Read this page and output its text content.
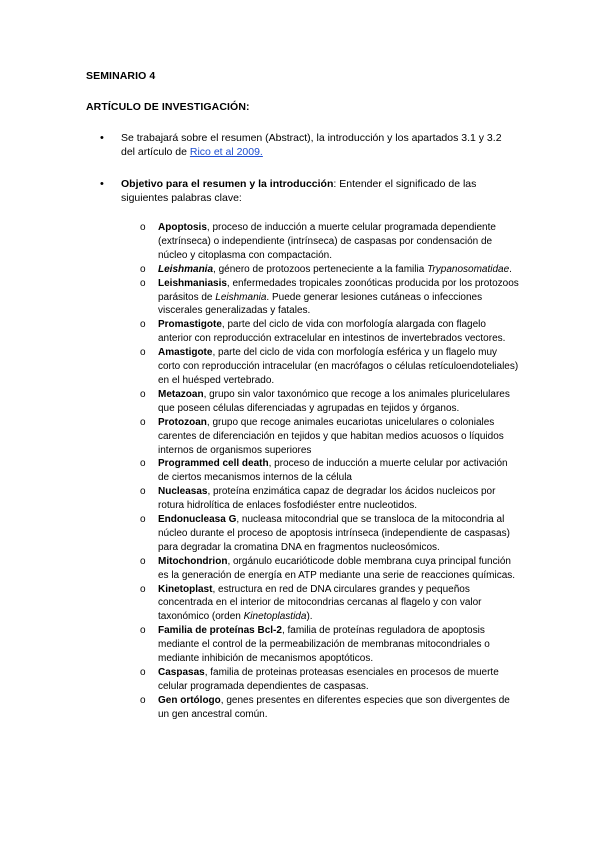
SEMINARIO 4
ARTÍCULO DE INVESTIGACIÓN:
• Se trabajará sobre el resumen (Abstract), la introducción y los apartados 3.1 y 3.2 del artículo de Rico et al 2009.
• Objetivo para el resumen y la introducción: Entender el significado de las siguientes palabras clave:
o Apoptosis, proceso de inducción a muerte celular programada dependiente (extrínseca) o independiente (intrínseca) de caspasas por condensación de núcleo y citoplasma con compactación.
o Leishmania, género de protozoos perteneciente a la familia Trypanosomatidae.
o Leishmaniasis, enfermedades tropicales zoonóticas producida por los protozoos parásitos de Leishmania. Puede generar lesiones cutáneas o infecciones viscerales generalizadas y fatales.
o Promastigote, parte del ciclo de vida con morfología alargada con flagelo anterior con reproducción extracelular en intestinos de invertebrados vectores.
o Amastigote, parte del ciclo de vida con morfología esférica y un flagelo muy corto con reproducción intracelular (en macrófagos o células retículoendoteliales) en el huésped vertebrado.
o Metazoan, grupo sin valor taxonómico que recoge a los animales pluricelulares que poseen células diferenciadas y agrupadas en tejidos y órganos.
o Protozoan, grupo que recoge animales eucariotas unicelulares o coloniales carentes de diferenciación en tejidos y que habitan medios acuosos o líquidos internos de organismos superiores
o Programmed cell death, proceso de inducción a muerte celular por activación de ciertos mecanismos internos de la célula
o Nucleasas, proteína enzimática capaz de degradar los ácidos nucleicos por rotura hidrolítica de enlaces fosfodiéster entre nucleotidos.
o Endonucleasa G, nucleasa mitocondrial que se transloca de la mitocondria al núcleo durante el proceso de apoptosis intrínseca (independiente de caspasas) para degradar la cromatina DNA en fragmentos nucleosómicos.
o Mitochondrion, orgánulo eucarióticode doble membrana cuya principal función es la generación de energía en ATP mediante una serie de reacciones químicas.
o Kinetoplast, estructura en red de DNA circulares grandes y pequeños concentrada en el interior de mitocondrias cercanas al flagelo y con valor taxonómico (orden Kinetoplastida).
o Familia de proteínas Bcl-2, familia de proteínas reguladora de apoptosis mediante el control de la permeabilización de membranas mitocondriales o mediante inhibición de mecanismos apoptóticos.
o Caspasas, familia de proteinas proteasas esenciales en procesos de muerte celular programada dependientes de caspasas.
o Gen ortólogo, genes presentes en diferentes especies que son divergentes de un gen ancestral común.
